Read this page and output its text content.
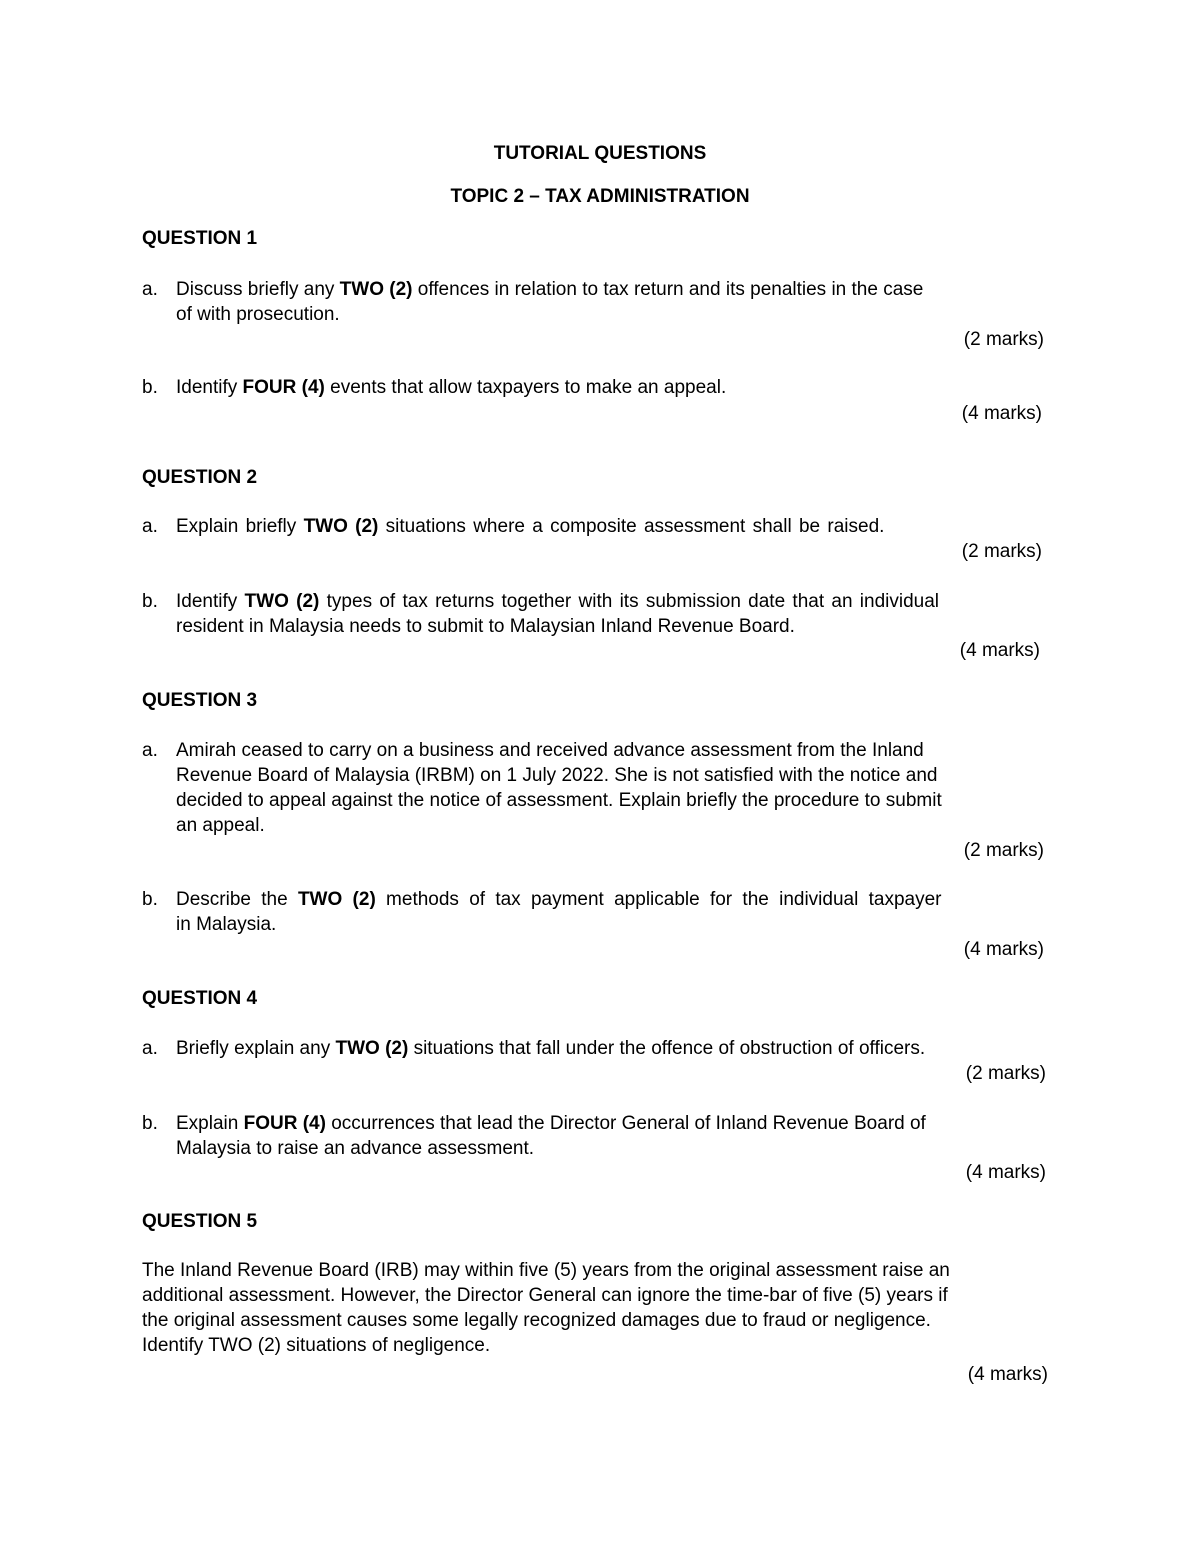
TUTORIAL QUESTIONS
TOPIC 2 – TAX ADMINISTRATION
QUESTION 1
a. Discuss briefly any TWO (2) offences in relation to tax return and its penalties in the case
of with prosecution.
(2 marks)
b. Identify FOUR (4) events that allow taxpayers to make an appeal.
(4 marks)
QUESTION 2
a. Explain briefly TWO (2) situations where a composite assessment shall be raised.
(2 marks)
b. Identify TWO (2) types of tax returns together with its submission date that an individual
resident in Malaysia needs to submit to Malaysian Inland Revenue Board.
(4 marks)
QUESTION 3
a. Amirah ceased to carry on a business and received advance assessment from the Inland
Revenue Board of Malaysia (IRBM) on 1 July 2022. She is not satisfied with the notice and
decided to appeal against the notice of assessment. Explain briefly the procedure to submit
an appeal.
(2 marks)
b. Describe the TWO (2) methods of tax payment applicable for the individual taxpayer
in Malaysia.
(4 marks)
QUESTION 4
a. Briefly explain any TWO (2) situations that fall under the offence of obstruction of officers.
(2 marks)
b. Explain FOUR (4) occurrences that lead the Director General of Inland Revenue Board of
Malaysia to raise an advance assessment.
(4 marks)
QUESTION 5
The Inland Revenue Board (IRB) may within five (5) years from the original assessment raise an
additional assessment. However, the Director General can ignore the time-bar of five (5) years if
the original assessment causes some legally recognized damages due to fraud or negligence.
Identify TWO (2) situations of negligence.
(4 marks)
